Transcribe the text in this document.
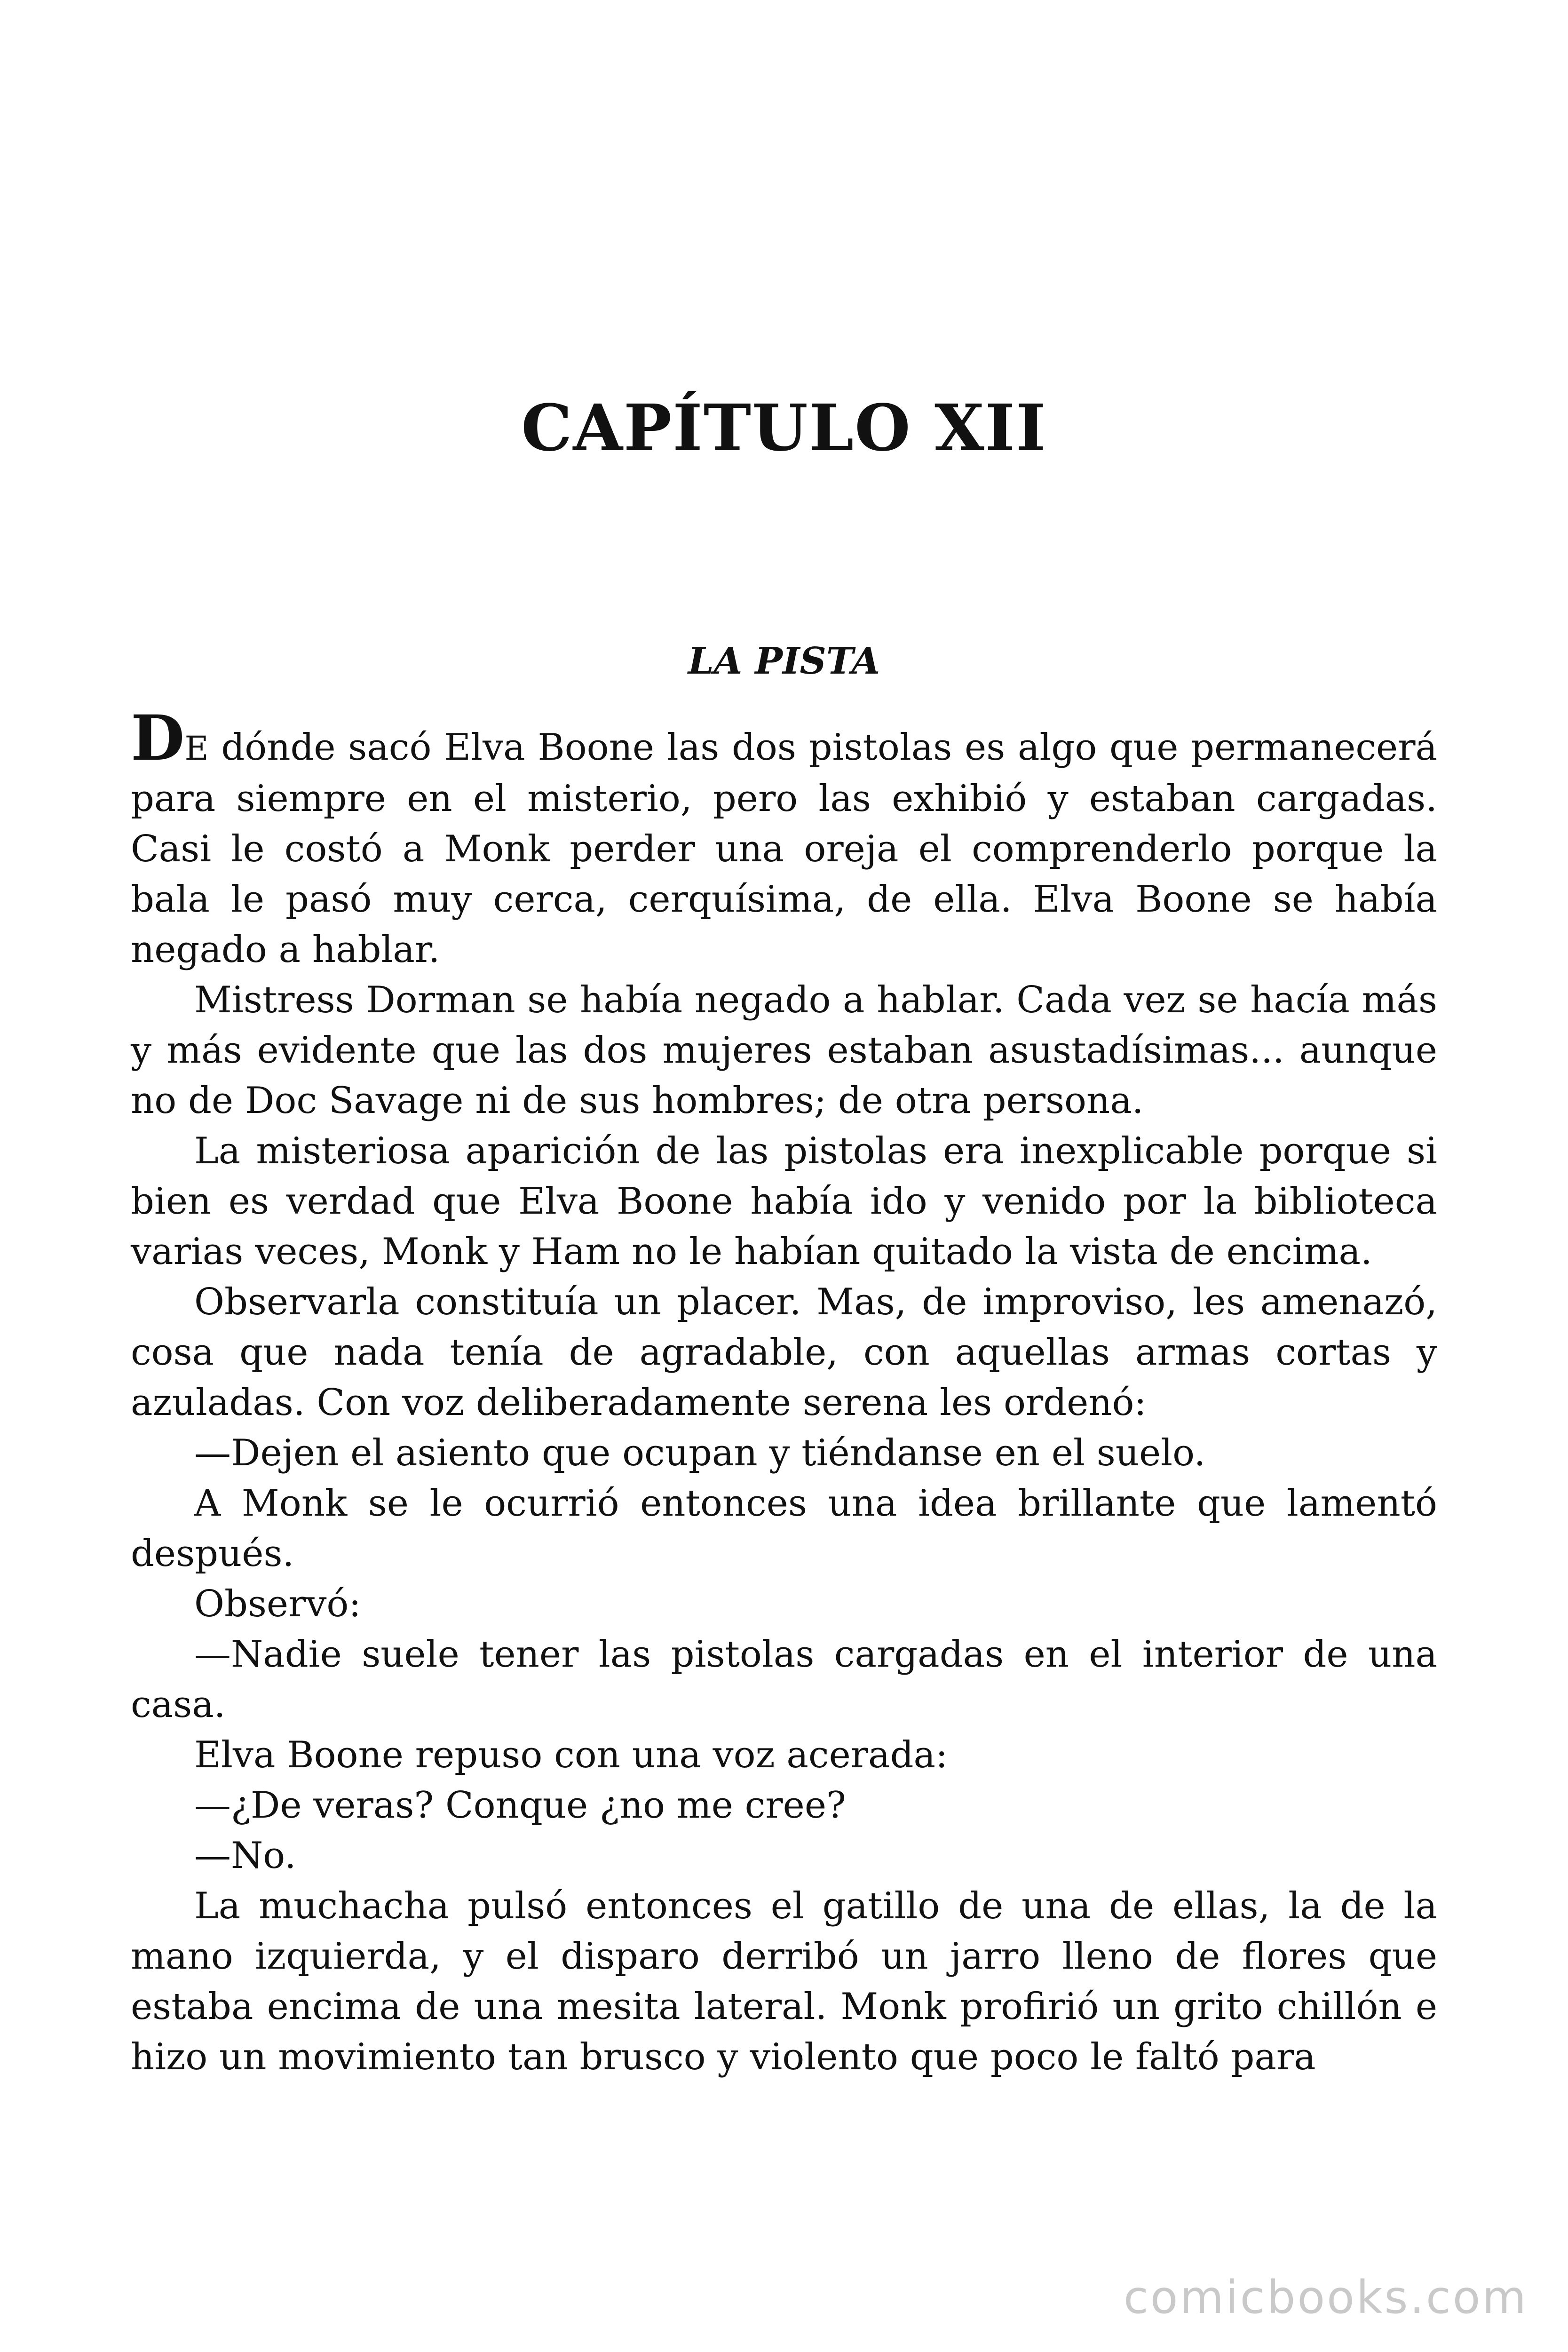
CAPÍTULO XII
LA PISTA

DE dónde sacó Elva Boone las dos pistolas es algo que permanecerá para siempre en el misterio, pero las exhibió y estaban cargadas. Casi le costó a Monk perder una oreja el comprenderlo porque la bala le pasó muy cerca, cerquísima, de ella. Elva Boone se había negado a hablar.

Mistress Dorman se había negado a hablar. Cada vez se hacía más y más evidente que las dos mujeres estaban asustadísimas... aunque no de Doc Savage ni de sus hombres; de otra persona.

La misteriosa aparición de las pistolas era inexplicable porque si bien es verdad que Elva Boone había ido y venido por la biblioteca varias veces, Monk y Ham no le habían quitado la vista de encima.

Observarla constituía un placer. Mas, de improviso, les amenazó, cosa que nada tenía de agradable, con aquellas armas cortas y azuladas. Con voz deliberadamente serena les ordenó:

—Dejen el asiento que ocupan y tiéndanse en el suelo.

A Monk se le ocurrió entonces una idea brillante que lamentó después.

Observó:

—Nadie suele tener las pistolas cargadas en el interior de una casa.

Elva Boone repuso con una voz acerada:

—¿De veras? Conque ¿no me cree?

—No.

La muchacha pulsó entonces el gatillo de una de ellas, la de la mano izquierda, y el disparo derribó un jarro lleno de flores que estaba encima de una mesita lateral. Monk profirió un grito chillón e hizo un movimiento tan brusco y violento que poco le faltó para

comicbooks.com
